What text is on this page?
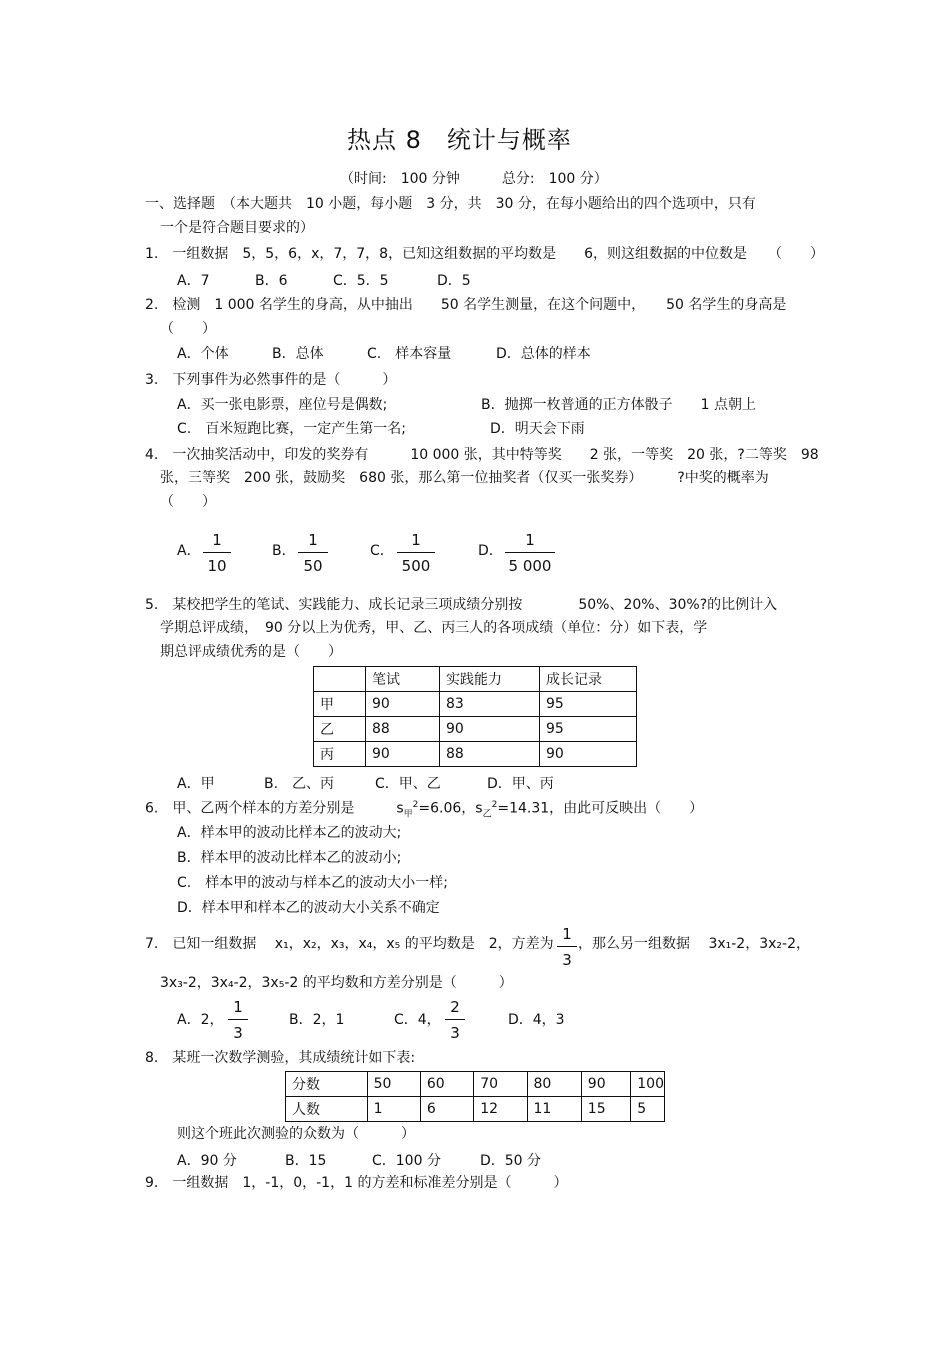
热点 8　统计与概率
（时间:　100 分钟　　　总分:　100 分）
一、选择题　（本大题共　10 小题，每小题　3 分，共　30 分，在每小题给出的四个选项中，只有
一个是符合题目要求的）
1.　一组数据　5，5，6，x，7，7，8，已知这组数据的平均数是　　6，则这组数据的中位数是　　（　　）
A．7	B．6	C．5．5	D．5
2.　检测　1 000 名学生的身高，从中抽出　　50 名学生测量，在这个问题中，　　50 名学生的身高是
（　　）
A．个体	B．总体	C.　样本容量	D．总体的样本
3.　下列事件为必然事件的是（　　　）
A．买一张电影票，座位号是偶数;	B．抛掷一枚普通的正方体骰子　　1 点朝上
C.　百米短跑比赛，一定产生第一名;	D．明天会下雨
4.　一次抽奖活动中，印发的奖券有　　　10 000 张，其中特等奖　　2 张，一等奖　20 张，?二等奖　98
张，三等奖　200 张，鼓励奖　680 张，那么第一位抽奖者（仅买一张奖券）　　　?中奖的概率为
（　　）
A． $\frac{1}{10}$	B． $\frac{1}{50}$	C． $\frac{1}{500}$	D． $\frac{1}{5 000}$
5.　某校把学生的笔试、实践能力、成长记录三项成绩分别按　　　　50%、20%、30%?的比例计入
学期总评成绩，　90 分以上为优秀，甲、乙、丙三人的各项成绩（单位：分）如下表，学
期总评成绩优秀的是（　　）
	笔试	实践能力	成长记录
甲	90	83	95
乙	88	90	95
丙	90	88	90
A．甲	B.　乙、丙	C．甲、乙	D．甲、丙
6.　甲、乙两个样本的方差分别是　　　$s_甲^2=6.06$，$s_乙^2=14.31$，由此可反映出（　　）
A．样本甲的波动比样本乙的波动大;
B．样本甲的波动比样本乙的波动小;
C.　样本甲的波动与样本乙的波动大小一样;
D．样本甲和样本乙的波动大小关系不确定
7.　已知一组数据　 x₁，x₂，x₃，x₄，x₅ 的平均数是　2，方差为 $\frac{1}{3}$ ，那么另一组数据　 3x₁-2，3x₂-2，
3x₃-2，3x₄-2，3x₅-2 的平均数和方差分别是（　　　）
A．2， $\frac{1}{3}$	B．2，1	C．4， $\frac{2}{3}$	D．4，3
8.　某班一次数学测验，其成绩统计如下表:
分数	50	60	70	80	90	100
人数	1	6	12	11	15	5
则这个班此次测验的众数为（　　　）
A．90 分	B．15	C．100 分	D．50 分
9.　一组数据　1，-1，0，-1，1 的方差和标准差分别是（　　　）
